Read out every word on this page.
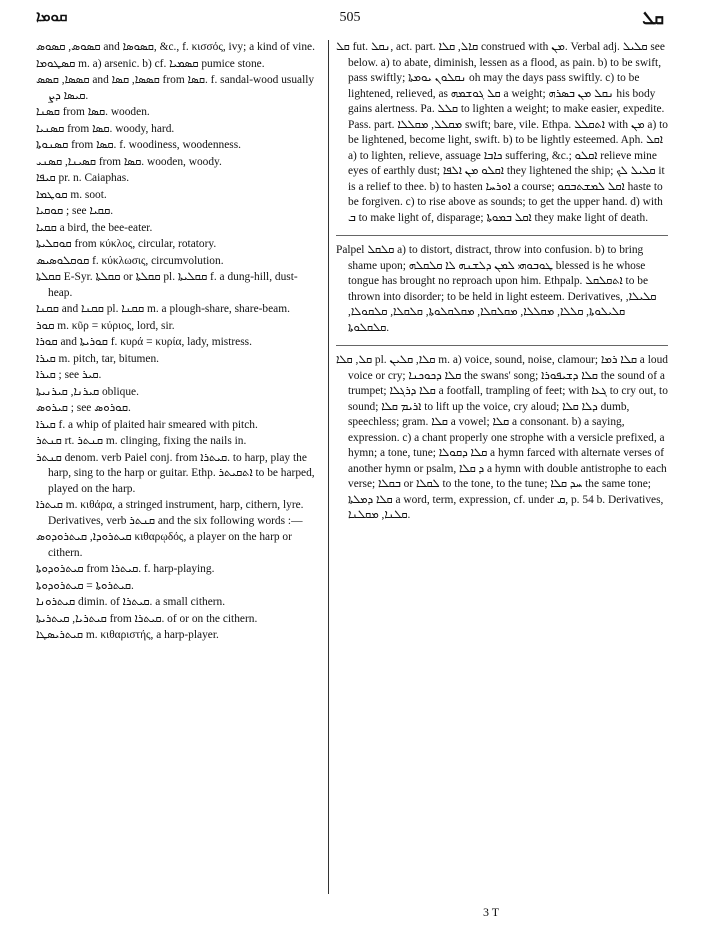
ܩܘܡܐ	505	ܩܠ

ܩܣܘܣ, ܩܣܘܣ and ܩܣܘܣܐ, &c., f. κισσός, ivy; a kind of vine.

ܩܣܛܘܡܐ m. a) arsenic. b) cf. ܩܣܡܝܐ pumice stone.

ܩܣܣܐ, ܩܣܣ and ܩܣܣܐ, ܩܣܐ from ܩܣܐ. f. sandal-wood usually ܩܝܣܐ ܕܨ.

ܩܣܢܐ from ܩܣܐ. wooden.

ܩܣܢܝܐ from ܩܣܐ. woody, hard.

ܩܣܢܘܬܐ from ܩܣܐ. f. woodiness, woodenness.

ܩܣܝܢܐ, ܩܣܢܝ from ܩܣܐ. wooden, woody.

ܩܝܦܐ pr. n. Caiaphas.

ܩܘܛܡܐ m. soot.

ܩܘܩܝܐ ; see ܩܩܝܐ.

ܩܩܝܐ a bird, the bee-eater.

ܩܘܩܠܝܬܐ from κύκλος, circular, rotatory.

ܩܘܩܠܘܣܝܣ f. κύκλωσις, circumvolution.

ܩܩܠܬܐ E-Syr. ܩܩܠܬܐ or ܩܩܠܬܐ pl. ܩܩܠܝܬܐ f. a dung-hill, dust-heap.

ܩܩܢܐ and ܩܩܢܐ pl. ܩܩܢܐ m. a plough-share, share-beam.

ܩܘܪ m. κῦρ = κύριος, lord, sir.

ܩܘܪܐ and ܩܘܪܝܬܐ f. κυρά = κυρία, lady, mistress.

ܩܝܪܐ m. pitch, tar, bitumen.

ܩܝܪܐ ; see ܩܝܪ.

ܩܝܪܢܐ, ܩܝܪܢܝܬܐ oblique.

ܩܝܪܘܣ ; see ܩܘܪܘܣ.

ܩܝܪܐ f. a whip of plaited hair smeared with pitch.

ܩܢܬܪ rt. ܩܢܬܪ m. clinging, fixing the nails in.

ܩܢܬܪ denom. verb Paiel conj. from ܩܝܬܪܐ. to harp, play the harp, sing to the harp or guitar. Ethp. ܐܬܩܝܬܪ to be harped, played on the harp.

ܩܝܬܪܐ m. κιθάρα, a stringed instrument, harp, cithern, lyre. Derivatives, verb ܩܢܬܪ and the six following words :—

ܩܝܬܪܘܕܐ, ܩܝܬܪܘܕܘܣ κιθαρῳδός, a player on the harp or cithern.

ܩܝܬܪܘܕܘܬܐ from ܩܝܬܪܐ. f. harp-playing.

ܩܝܬܪܘܬܐ = ܩܝܬܪܘܕܘܬܐ.

ܩܝܬܪܘܢܐ dimin. of ܩܝܬܪܐ. a small cithern.

ܩܝܬܪܝܐ, ܩܝܬܪܝܬܐ from ܩܝܬܪܐ. of or on the cithern.

ܩܝܬܪܝܣܛܐ m. κιθαριστής, a harp-player.

ܩܠ fut. ܢܩܠ, act. part. ܩܐܠ, ܩܠܐ construed with ܡܢ. Verbal adj. ܩܠܝܠ see below. a) to abate, diminish, lessen as a flood, as pain. b) to be swift, pass swiftly; ܢܩܠܘܢ ܝܘܡܬܐ oh may the days pass swiftly. c) to be lightened, relieved, as ܩܠ ܓܘܫܡܗ a weight; ܢܩܠ ܡܢ ܒܣܪܗ his body gains alertness. Pa. ܩܠܠ to lighten a weight; to make easier, expedite. Pass. part. ܡܩܠܠ, ܡܩܠܠܐ swift; bare, vile. Ethpa. ܐܬܩܠܠ with ܡܢ a) to be lightened, become light, swift. b) to be lightly esteemed. Aph. ܐܩܠ a) to lighten, relieve, assuage ܟܐܒܐ suffering, &c.; ܐܩܠܘ relieve mine eyes of earthly dust; ܐܩܠܘ ܡܢ ܐܠܦܐ they lightened the ship; ܩܠܝܠ ܠܟ it is a relief to thee. b) to hasten ܐܘܪܚܐ a course; ܐܩܠ ܠܡܫܬܒܩܘ haste to be forgiven. c) to rise above as sounds; to get the upper hand. d) with ܒ to make light of, disparage; ܐܩܠ ܒܡܘܬܐ they make light of death.

Palpel ܩܠܩܠ a) to distort, distract, throw into confusion. b) to bring shame upon; ܛܘܒܘܗܝ ܠܡܢ ܕܠܫܢܗ ܠܐ ܩܠܩܠܗ blessed is he whose tongue has brought no reproach upon him. Ethpalp. ܐܬܩܠܩܠ to be thrown into disorder; to be held in light esteem. Derivatives, ܩܠܝܠܐ, ܩܠܝܠܘܬܐ, ܩܠܠܐ, ܡܩܠܠܐ, ܡܩܠܩܠܐ, ܡܩܠܩܠܘܬܐ, ܩܠܩܠܐ, ܩܠܩܘܠܐ, ܩܠܩܠܘܬܐ.

ܩܠ, ܩܠܐ pl. ܩܠܐ, ܩܠܝܢ m. a) voice, sound, noise, clamour; ܩܠܐ ܪܡܐ a loud voice or cry; ܩܠܐ ܕܟܘܟܢܐ the swans' song; ܩܠܐ ܕܫܝܦܘܪܐ the sound of a trumpet; ܩܠܐ ܕܪܓܠܐ a footfall, trampling of feet; with ܓܥܐ to cry out, to sound; ܐܪܝܡ ܩܠܐ to lift up the voice, cry aloud; ܕܠܐ ܩܠܐ dumb, speechless; gram. ܩܠܐ a vowel; ܩܠܐ a consonant. b) a saying, expression. c) a chant properly one strophe with a versicle prefixed, a hymn; a tone, tune; ܩܠܐ ܕܩܘܠܐ a hymn farced with alternate verses of another hymn or psalm, ܕ ܩܠܐ a hymn with double antistrophe to each verse; ܒܩܠܐ or ܠܩܠܐ to the tone, to the tune; ܚܕ ܩܠܐ the same tone; ܩܠܐ ܕܡܠܬܐ a word, term, expression, cf. under ܩ, p. 54 b. Derivatives, ܩܠܢܐ, ܡܩܠܢܐ.

3 T
